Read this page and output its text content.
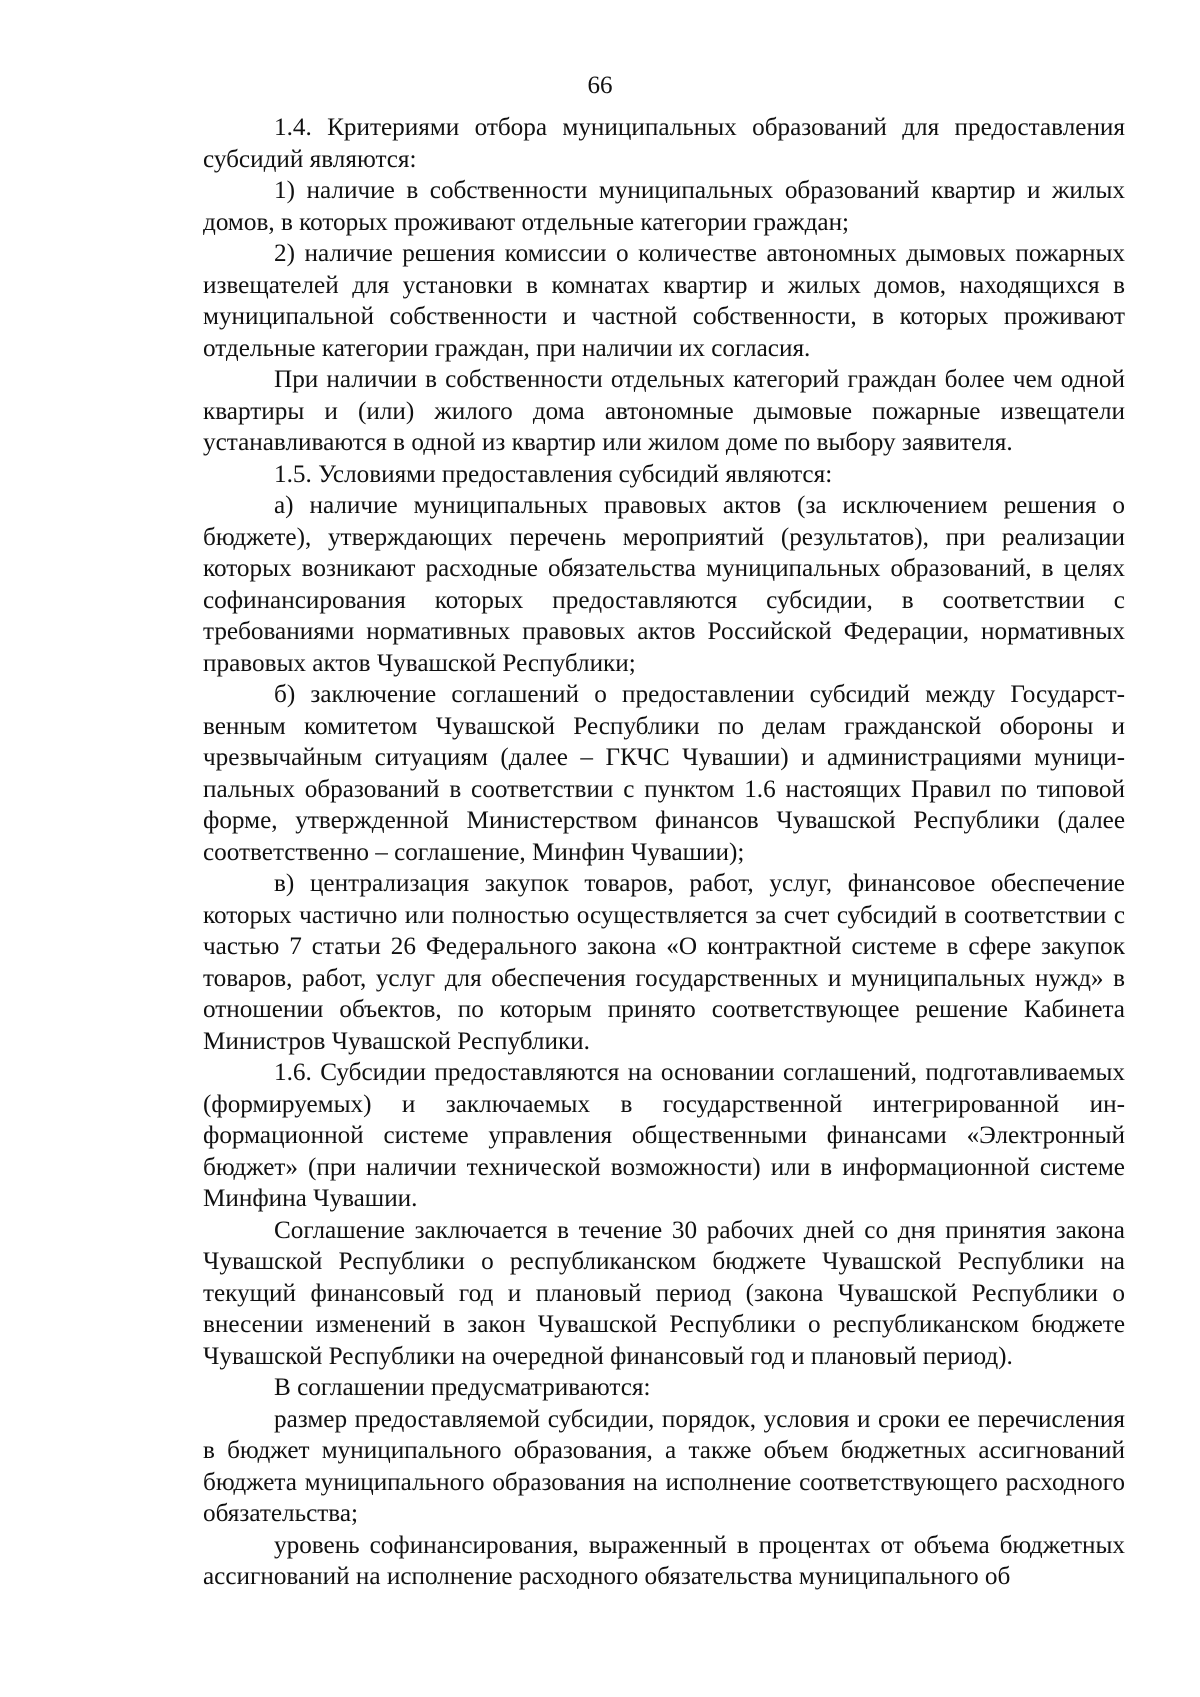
66

1.4. Критериями отбора муниципальных образований для предоставления субсидий являются:

1) наличие в собственности муниципальных образований квартир и жилых домов, в которых проживают отдельные категории граждан;

2) наличие решения комиссии о количестве автономных дымовых пожарных извещателей для установки в комнатах квартир и жилых домов, находящихся в муниципальной собственности и частной собственности, в которых проживают отдельные категории граждан, при наличии их согласия.

При наличии в собственности отдельных категорий граждан более чем одной квартиры и (или) жилого дома автономные дымовые пожарные извещатели устанавливаются в одной из квартир или жилом доме по выбору заявителя.

1.5. Условиями предоставления субсидий являются:

а) наличие муниципальных правовых актов (за исключением решения о бюджете), утверждающих перечень мероприятий (результатов), при реализации которых возникают расходные обязательства муниципальных образований, в целях софинансирования которых предоставляются субсидии, в соответствии с требованиями нормативных правовых актов Российской Федерации, нормативных правовых актов Чувашской Республики;

б) заключение соглашений о предоставлении субсидий между Государственным комитетом Чувашской Республики по делам гражданской обороны и чрезвычайным ситуациям (далее – ГКЧС Чувашии) и администрациями муниципальных образований в соответствии с пунктом 1.6 настоящих Правил по типовой форме, утвержденной Министерством финансов Чувашской Республики (далее соответственно – соглашение, Минфин Чувашии);

в) централизация закупок товаров, работ, услуг, финансовое обеспечение которых частично или полностью осуществляется за счет субсидий в соответствии с частью 7 статьи 26 Федерального закона «О контрактной системе в сфере закупок товаров, работ, услуг для обеспечения государственных и муниципальных нужд» в отношении объектов, по которым принято соответствующее решение Кабинета Министров Чувашской Республики.

1.6. Субсидии предоставляются на основании соглашений, подготавливаемых (формируемых) и заключаемых в государственной интегрированной информационной системе управления общественными финансами «Электронный бюджет» (при наличии технической возможности) или в информационной системе Минфина Чувашии.

Соглашение заключается в течение 30 рабочих дней со дня принятия закона Чувашской Республики о республиканском бюджете Чувашской Республики на текущий финансовый год и плановый период (закона Чувашской Республики о внесении изменений в закон Чувашской Республики о республиканском бюджете Чувашской Республики на очередной финансовый год и плановый период).

В соглашении предусматриваются:

размер предоставляемой субсидии, порядок, условия и сроки ее перечисления в бюджет муниципального образования, а также объем бюджетных ассигнований бюджета муниципального образования на исполнение соответствующего расходного обязательства;

уровень софинансирования, выраженный в процентах от объема бюджетных ассигнований на исполнение расходного обязательства муниципального об
